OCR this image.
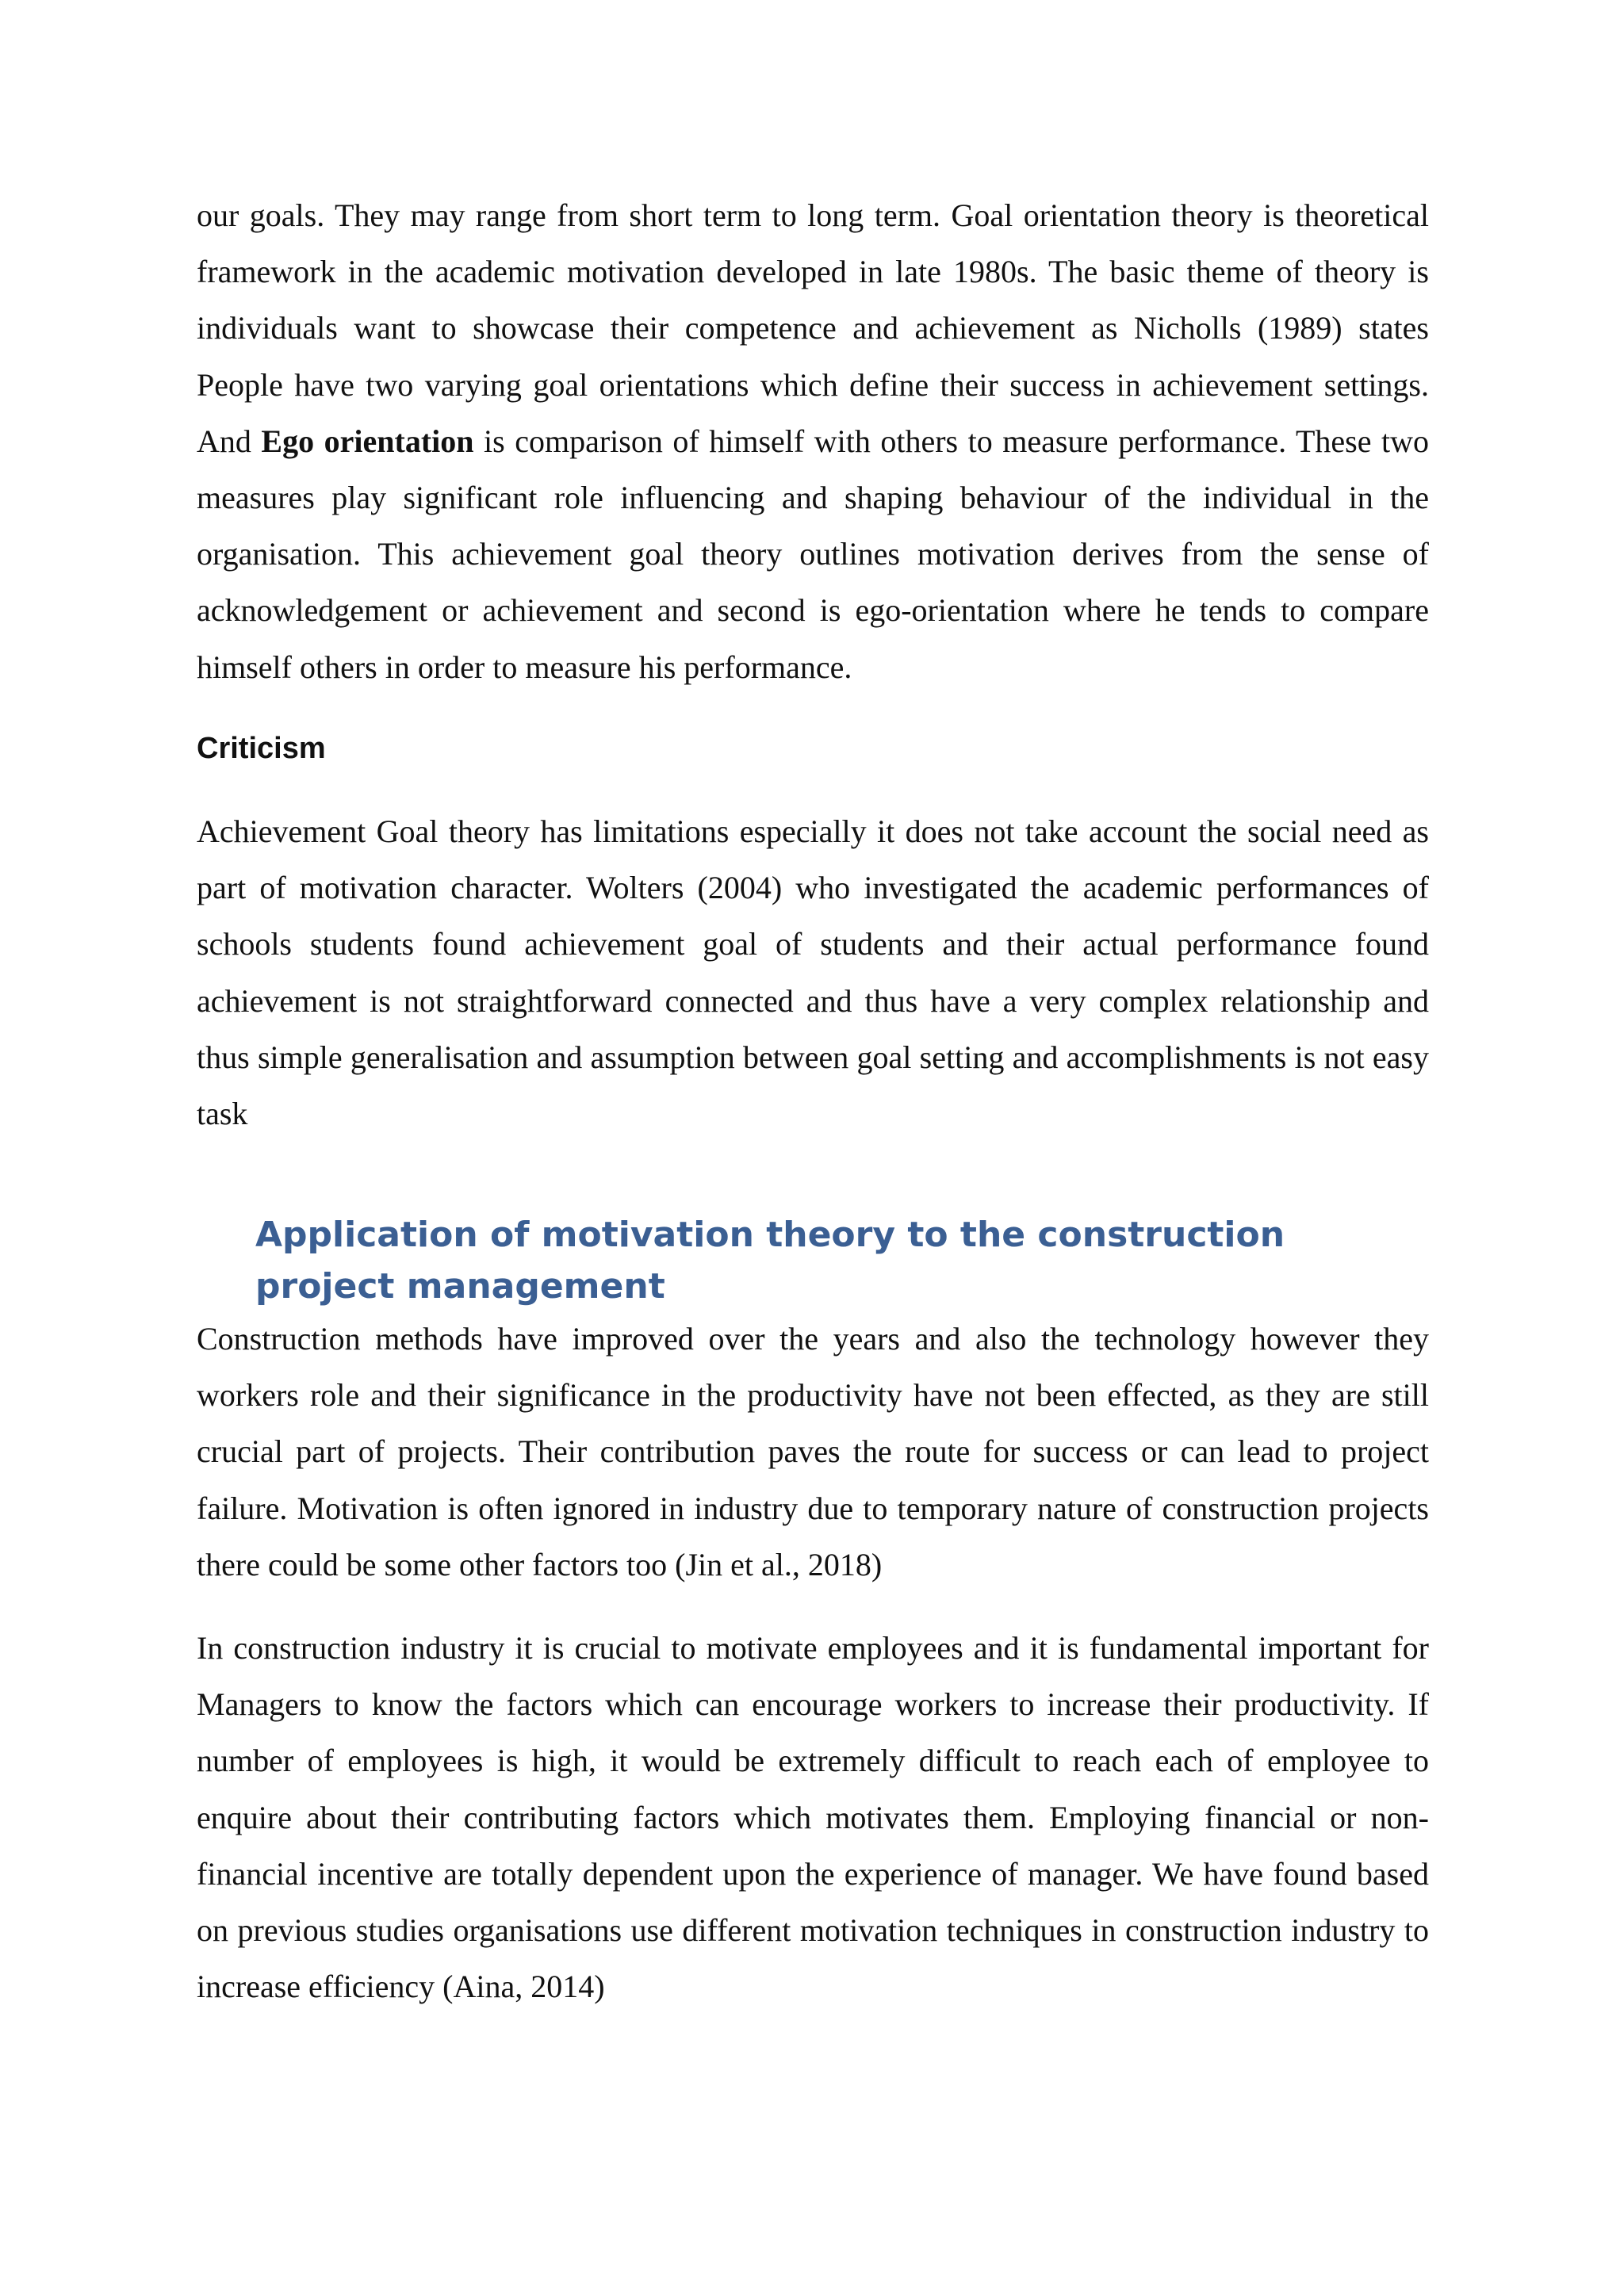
our goals. They may range from short term to long term. Goal orientation theory is theoretical framework in the academic motivation developed in late 1980s. The basic theme of theory is individuals want to showcase their competence and achievement as Nicholls (1989) states People have two varying goal orientations which define their success in achievement settings. And Ego orientation is comparison of himself with others to measure performance. These two measures play significant role influencing and shaping behaviour of the individual in the organisation. This achievement goal theory outlines motivation derives from the sense of acknowledgement or achievement and second is ego-orientation where he tends to compare himself others in order to measure his performance.

Criticism

Achievement Goal theory has limitations especially it does not take account the social need as part of motivation character. Wolters (2004) who investigated the academic performances of schools students found achievement goal of students and their actual performance found achievement is not straightforward connected and thus have a very complex relationship and thus simple generalisation and assumption between goal setting and accomplishments is not easy task

Application of motivation theory to the construction project management

Construction methods have improved over the years and also the technology however they workers role and their significance in the productivity have not been effected, as they are still crucial part of projects. Their contribution paves the route for success or can lead to project failure. Motivation is often ignored in industry due to temporary nature of construction projects there could be some other factors too (Jin et al., 2018)

In construction industry it is crucial to motivate employees and it is fundamental important for Managers to know the factors which can encourage workers to increase their productivity. If number of employees is high, it would be extremely difficult to reach each of employee to enquire about their contributing factors which motivates them. Employing financial or non-financial incentive are totally dependent upon the experience of manager. We have found based on previous studies organisations use different motivation techniques in construction industry to increase efficiency (Aina, 2014)
